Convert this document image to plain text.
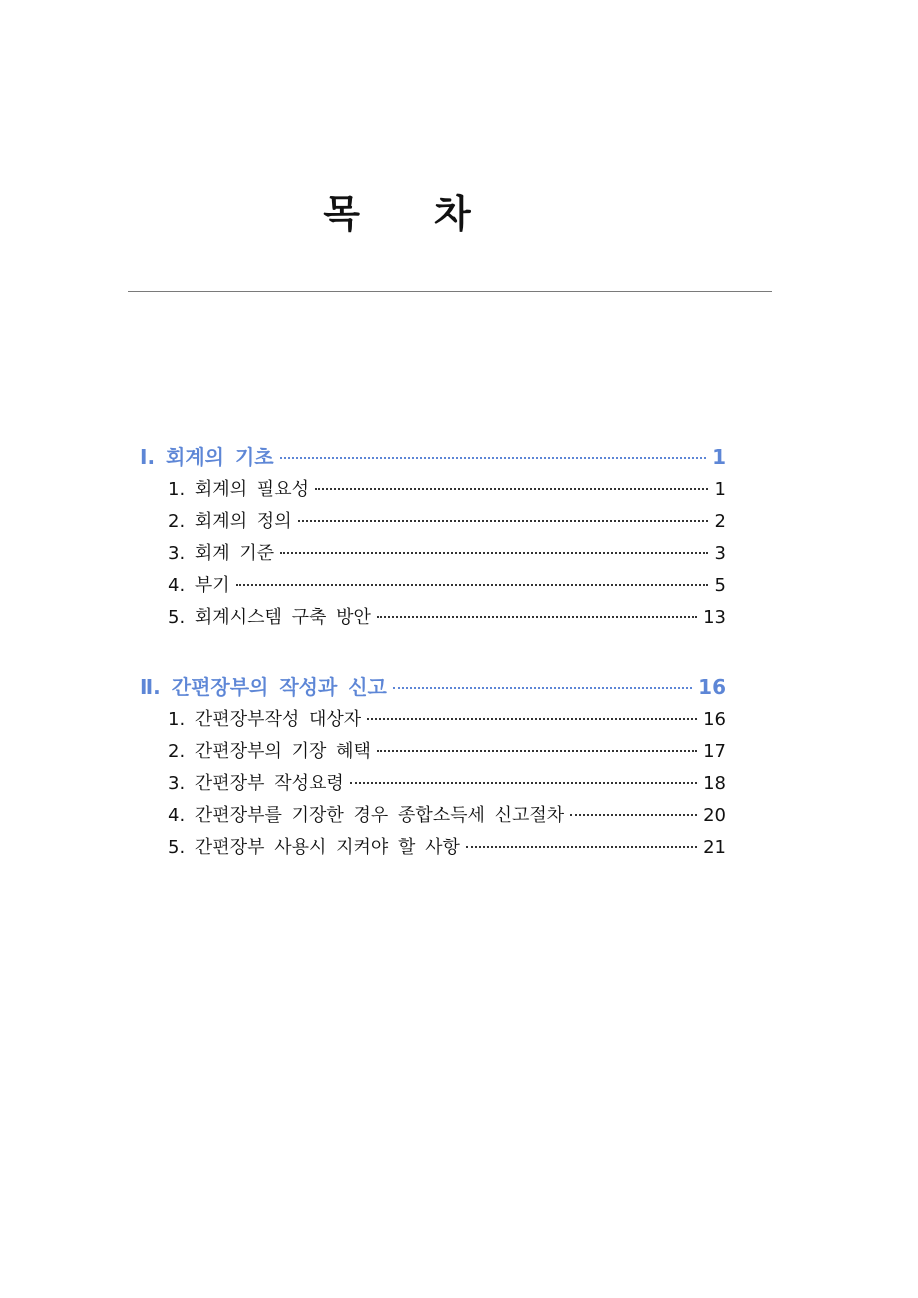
목차
Ⅰ. 회계의 기초	1
1. 회계의 필요성	1
2. 회계의 정의	2
3. 회계 기준	3
4. 부기	5
5. 회계시스템 구축 방안	13
Ⅱ. 간편장부의 작성과 신고	16
1. 간편장부작성 대상자	16
2. 간편장부의 기장 혜택	17
3. 간편장부 작성요령	18
4. 간편장부를 기장한 경우 종합소득세 신고절차	20
5. 간편장부 사용시 지켜야 할 사항	21
